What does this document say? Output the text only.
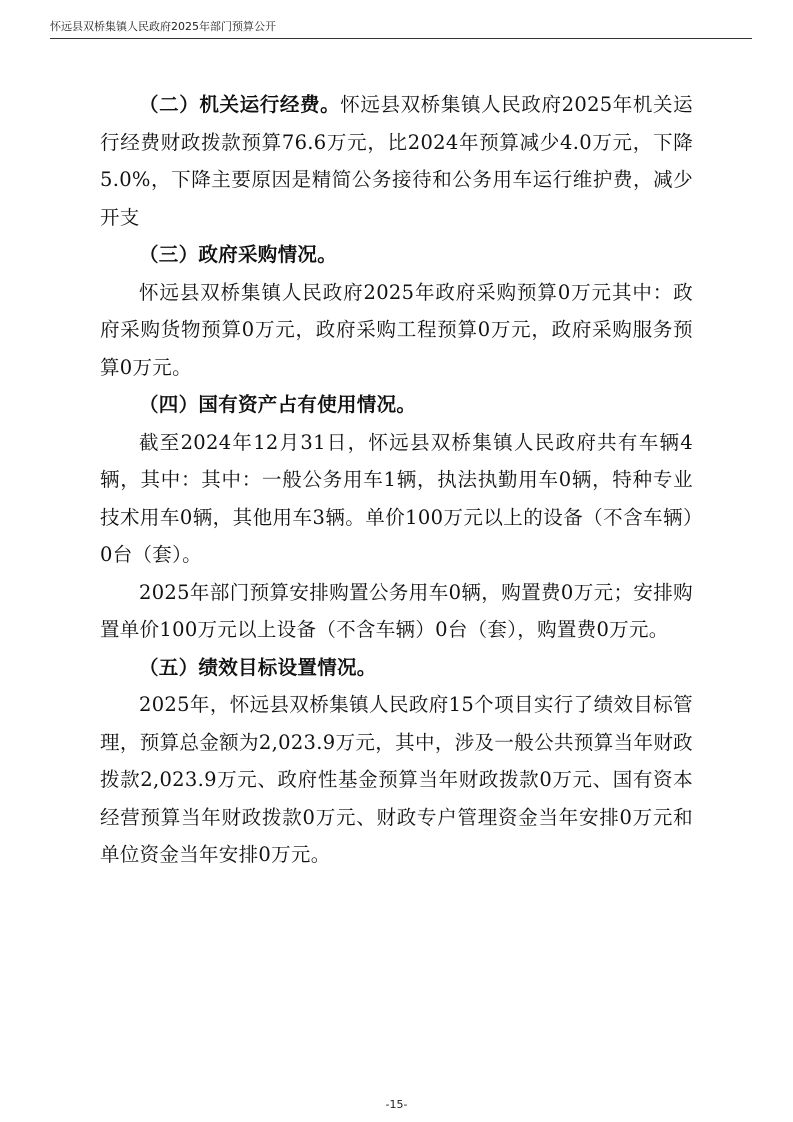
怀远县双桥集镇人民政府2025年部门预算公开

（二）机关运行经费。怀远县双桥集镇人民政府2025年机关运行经费财政拨款预算76.6万元，比2024年预算减少4.0万元，下降5.0%，下降主要原因是精简公务接待和公务用车运行维护费，减少开支

（三）政府采购情况。

怀远县双桥集镇人民政府2025年政府采购预算0万元其中：政府采购货物预算0万元，政府采购工程预算0万元，政府采购服务预算0万元。

（四）国有资产占有使用情况。

截至2024年12月31日，怀远县双桥集镇人民政府共有车辆4辆，其中：其中：一般公务用车1辆，执法执勤用车0辆，特种专业技术用车0辆，其他用车3辆。单价100万元以上的设备（不含车辆）0台（套）。

2025年部门预算安排购置公务用车0辆，购置费0万元；安排购置单价100万元以上设备（不含车辆）0台（套），购置费0万元。

（五）绩效目标设置情况。

2025年，怀远县双桥集镇人民政府15个项目实行了绩效目标管理，预算总金额为2,023.9万元，其中，涉及一般公共预算当年财政拨款2,023.9万元、政府性基金预算当年财政拨款0万元、国有资本经营预算当年财政拨款0万元、财政专户管理资金当年安排0万元和单位资金当年安排0万元。

-15-
